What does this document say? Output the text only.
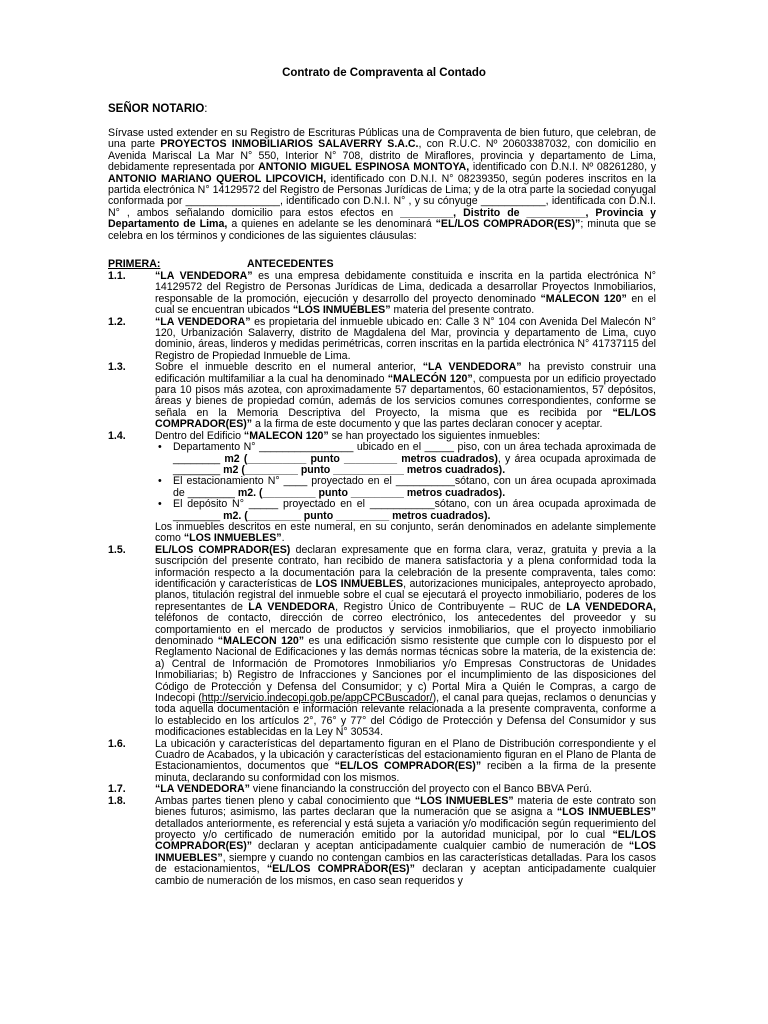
Contrato de Compraventa al Contado
SEÑOR NOTARIO:

Sírvase usted extender en su Registro de Escrituras Públicas una de Compraventa de bien futuro, que celebran, de una parte PROYECTOS INMOBILIARIOS SALAVERRY S.A.C., con R.U.C. Nº 20603387032, con domicilio en Avenida Mariscal La Mar N° 550, Interior N° 708, distrito de Miraflores, provincia y departamento de Lima, debidamente representada por ANTONIO MIGUEL ESPINOSA MONTOYA, identificado con D.N.I. Nº 08261280, y ANTONIO MARIANO QUEROL LIPCOVICH, identificado con D.N.I. N° 08239350, según poderes inscritos en la partida electrónica N° 14129572 del Registro de Personas Jurídicas de Lima; y de la otra parte la sociedad conyugal conformada por ________________, identificado con D.N.I. N° , y su cónyuge ___________, identificada con D.N.I. N° , ambos señalando domicilio para estos efectos en _________, Distrito de __________, Provincia y Departamento de Lima, a quienes en adelante se les denominará “EL/LOS COMPRADOR(ES)”; minuta que se celebra en los términos y condiciones de las siguientes cláusulas:

PRIMERA:	ANTECEDENTES
1.1.	“LA VENDEDORA” es una empresa debidamente constituida e inscrita en la partida electrónica N° 14129572 del Registro de Personas Jurídicas de Lima, dedicada a desarrollar Proyectos Inmobiliarios, responsable de la promoción, ejecución y desarrollo del proyecto denominado “MALECON 120” en el cual se encuentran ubicados “LOS INMUEBLES” materia del presente contrato.
1.2.	“LA VENDEDORA” es propietaria del inmueble ubicado en: Calle 3 N° 104 con Avenida Del Malecón N° 120, Urbanización Salaverry, distrito de Magdalena del Mar, provincia y departamento de Lima, cuyo dominio, áreas, linderos y medidas perimétricas, corren inscritas en la partida electrónica N° 41737115 del Registro de Propiedad Inmueble de Lima.
1.3.	Sobre el inmueble descrito en el numeral anterior, “LA VENDEDORA” ha previsto construir una edificación multifamiliar a la cual ha denominado “MALECÓN 120”, compuesta por un edificio proyectado para 10 pisos más azotea, con aproximadamente 57 departamentos, 60 estacionamientos, 57 depósitos, áreas y bienes de propiedad común, además de los servicios comunes correspondientes, conforme se señala en la Memoria Descriptiva del Proyecto, la misma que es recibida por “EL/LOS COMPRADOR(ES)” a la firma de este documento y que las partes declaran conocer y aceptar.
1.4.	Dentro del Edificio “MALECON 120” se han proyectado los siguientes inmuebles:
• Departamento N° ________________ ubicado en el _____ piso, con un área techada aproximada de ________ m2 (__________ punto _________ metros cuadrados), y área ocupada aproximada de ________ m2 (_________ punto ____________ metros cuadrados).
• El estacionamiento N° ____ proyectado en el __________sótano, con un área ocupada aproximada de ________ m2. (_________ punto _________ metros cuadrados).
• El depósito N° _____ proyectado en el ___________sótano, con un área ocupada aproximada de ________ m2. (_________ punto _________ metros cuadrados).
Los inmuebles descritos en este numeral, en su conjunto, serán denominados en adelante simplemente como “LOS INMUEBLES”.
1.5.	EL/LOS COMPRADOR(ES) declaran expresamente que en forma clara, veraz, gratuita y previa a la suscripción del presente contrato, han recibido de manera satisfactoria y a plena conformidad toda la información respecto a la documentación para la celebración de la presente compraventa, tales como: identificación y características de LOS INMUEBLES, autorizaciones municipales, anteproyecto aprobado, planos, titulación registral del inmueble sobre el cual se ejecutará el proyecto inmobiliario, poderes de los representantes de LA VENDEDORA, Registro Único de Contribuyente – RUC de LA VENDEDORA, teléfonos de contacto, dirección de correo electrónico, los antecedentes del proveedor y su comportamiento en el mercado de productos y servicios inmobiliarios, que el proyecto inmobiliario denominado “MALECON 120” es una edificación sismo resistente que cumple con lo dispuesto por el Reglamento Nacional de Edificaciones y las demás normas técnicas sobre la materia, de la existencia de: a) Central de Información de Promotores Inmobiliarios y/o Empresas Constructoras de Unidades Inmobiliarias; b) Registro de Infracciones y Sanciones por el incumplimiento de las disposiciones del Código de Protección y Defensa del Consumidor; y c) Portal Mira a Quién le Compras, a cargo de Indecopi (http://servicio.indecopi.gob.pe/appCPCBuscador/), el canal para quejas, reclamos o denuncias y toda aquella documentación e información relevante relacionada a la presente compraventa, conforme a lo establecido en los artículos 2°, 76° y 77° del Código de Protección y Defensa del Consumidor y sus modificaciones establecidas en la Ley N° 30534.
1.6.	La ubicación y características del departamento figuran en el Plano de Distribución correspondiente y el Cuadro de Acabados, y la ubicación y características del estacionamiento figuran en el Plano de Planta de Estacionamientos, documentos que “EL/LOS COMPRADOR(ES)” reciben a la firma de la presente minuta, declarando su conformidad con los mismos.
1.7.	“LA VENDEDORA” viene financiando la construcción del proyecto con el Banco BBVA Perú.
1.8.	Ambas partes tienen pleno y cabal conocimiento que “LOS INMUEBLES” materia de este contrato son bienes futuros; asimismo, las partes declaran que la numeración que se asigna a “LOS INMUEBLES” detallados anteriormente, es referencial y está sujeta a variación y/o modificación según requerimiento del proyecto y/o certificado de numeración emitido por la autoridad municipal, por lo cual “EL/LOS COMPRADOR(ES)” declaran y aceptan anticipadamente cualquier cambio de numeración de “LOS INMUEBLES”, siempre y cuando no contengan cambios en las características detalladas. Para los casos de estacionamientos, “EL/LOS COMPRADOR(ES)” declaran y aceptan anticipadamente cualquier cambio de numeración de los mismos, en caso sean requeridos y
